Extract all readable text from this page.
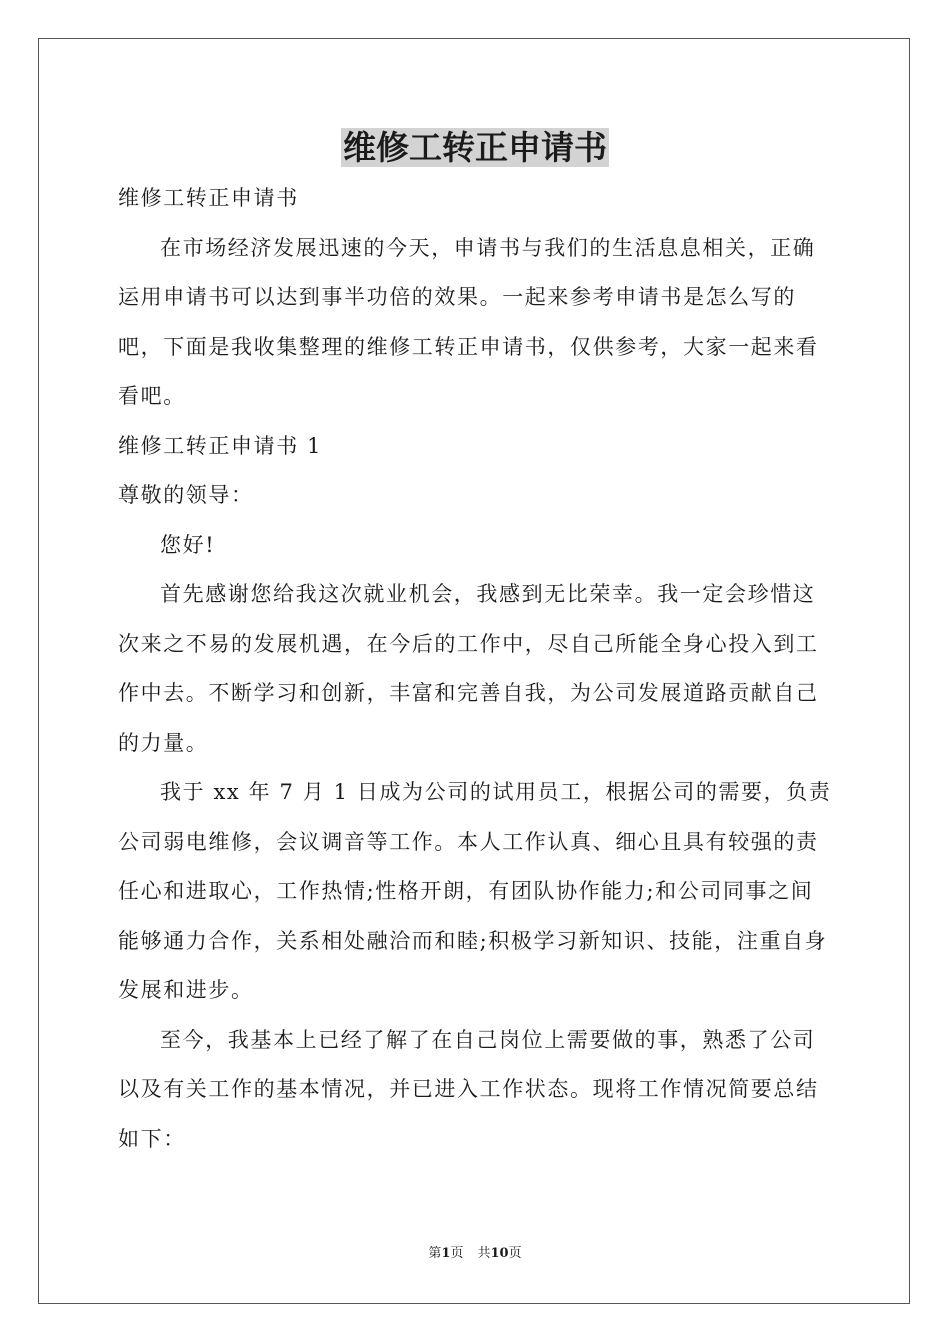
维修工转正申请书

维修工转正申请书

在市场经济发展迅速的今天，申请书与我们的生活息息相关，正确运用申请书可以达到事半功倍的效果。一起来参考申请书是怎么写的吧，下面是我收集整理的维修工转正申请书，仅供参考，大家一起来看看吧。

维修工转正申请书 1

尊敬的领导：

您好!

首先感谢您给我这次就业机会，我感到无比荣幸。我一定会珍惜这次来之不易的发展机遇，在今后的工作中，尽自己所能全身心投入到工作中去。不断学习和创新，丰富和完善自我，为公司发展道路贡献自己的力量。

我于 xx 年 7 月 1 日成为公司的试用员工，根据公司的需要，负责公司弱电维修，会议调音等工作。本人工作认真、细心且具有较强的责任心和进取心，工作热情;性格开朗，有团队协作能力;和公司同事之间能够通力合作，关系相处融洽而和睦;积极学习新知识、技能，注重自身发展和进步。

至今，我基本上已经了解了在自己岗位上需要做的事，熟悉了公司以及有关工作的基本情况，并已进入工作状态。现将工作情况简要总结如下：

第1页 共10页
